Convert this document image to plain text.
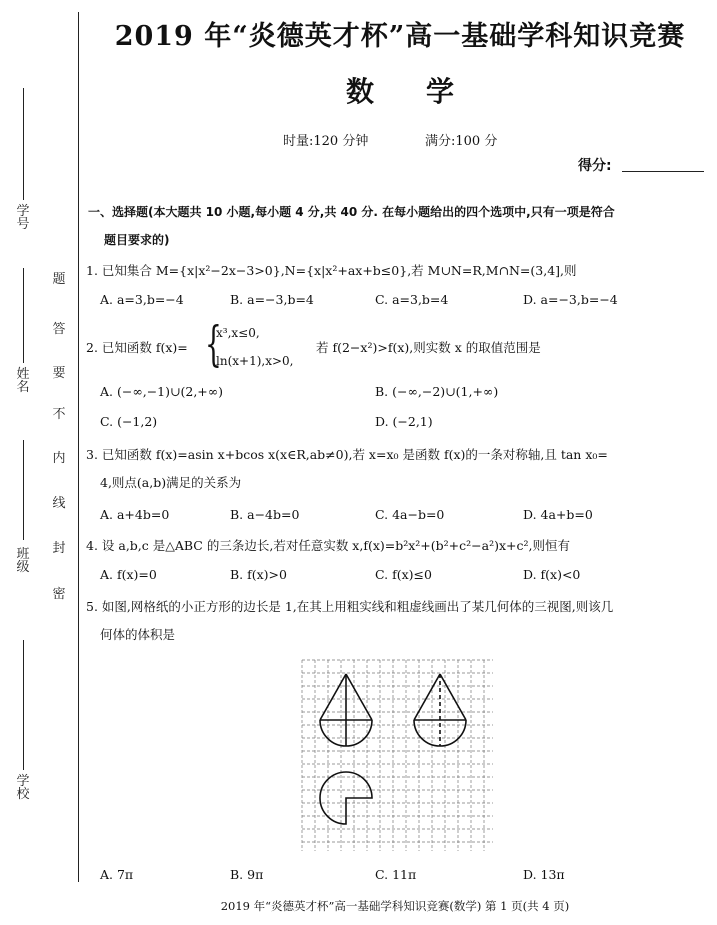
学号
姓名
班级
学校
题
答
要
不
内
线
封
密
2019 年“炎德英才杯”高一基础学科知识竞赛
数学
时量:120 分钟	满分:100 分
得分:
一、选择题(本大题共 10 小题,每小题 4 分,共 40 分. 在每小题给出的四个选项中,只有一项是符合
题目要求的)
1. 已知集合 M={x|x²−2x−3>0},N={x|x²+ax+b≤0},若 M∪N=R,M∩N=(3,4],则
A. a=3,b=−4	B. a=−3,b=4	C. a=3,b=4	D. a=−3,b=−4
2. 已知函数 f(x)= {
x³,x≤0,
ln(x+1),x>0,
若 f(2−x²)>f(x),则实数 x 的取值范围是
A. (−∞,−1)∪(2,+∞)	B. (−∞,−2)∪(1,+∞)
C. (−1,2)	D. (−2,1)
3. 已知函数 f(x)=asin x+bcos x(x∈R,ab≠0),若 x=x₀ 是函数 f(x)的一条对称轴,且 tan x₀=
4,则点(a,b)满足的关系为
A. a+4b=0	B. a−4b=0	C. 4a−b=0	D. 4a+b=0
4. 设 a,b,c 是△ABC 的三条边长,若对任意实数 x,f(x)=b²x²+(b²+c²−a²)x+c²,则恒有
A. f(x)=0	B. f(x)>0	C. f(x)≤0	D. f(x)<0
5. 如图,网格纸的小正方形的边长是 1,在其上用粗实线和粗虚线画出了某几何体的三视图,则该几
何体的体积是
A. 7π	B. 9π	C. 11π	D. 13π
2019 年“炎德英才杯”高一基础学科知识竞赛(数学) 第 1 页(共 4 页)
